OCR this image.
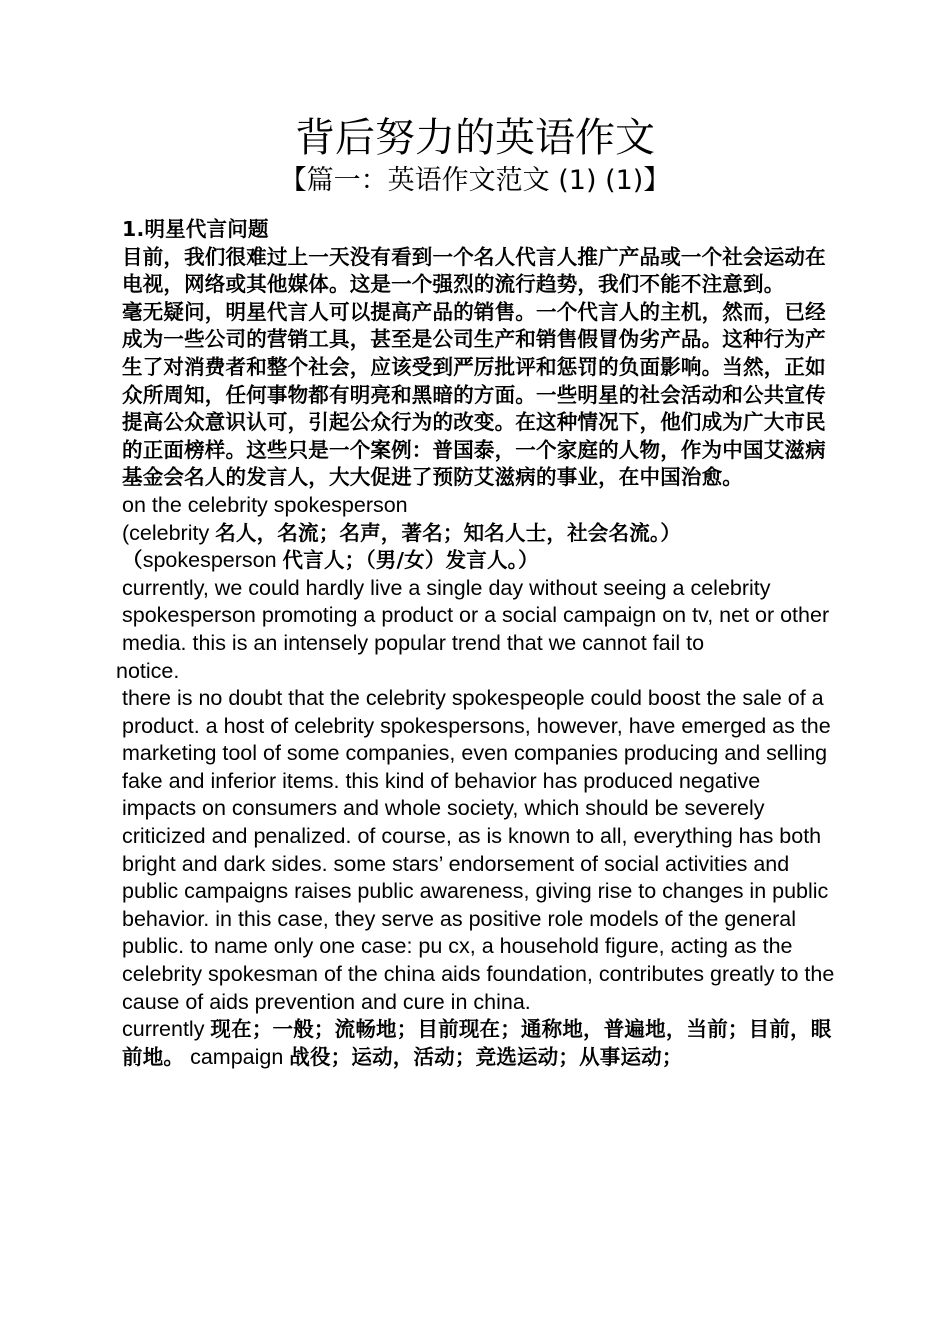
背后努力的英语作文
【篇一：英语作文范文 (1) (1)】

1.明星代言问题

目前，我们很难过上一天没有看到一个名人代言人推广产品或一个社会运动在电视，网络或其他媒体。这是一个强烈的流行趋势，我们不能不注意到。

毫无疑问，明星代言人可以提高产品的销售。一个代言人的主机，然而，已经成为一些公司的营销工具，甚至是公司生产和销售假冒伪劣产品。这种行为产生了对消费者和整个社会，应该受到严厉批评和惩罚的负面影响。当然，正如众所周知，任何事物都有明亮和黑暗的方面。一些明星的社会活动和公共宣传提高公众意识认可，引起公众行为的改变。在这种情况下，他们成为广大市民的正面榜样。这些只是一个案例：普国泰，一个家庭的人物，作为中国艾滋病基金会名人的发言人，大大促进了预防艾滋病的事业，在中国治愈。

on the celebrity spokesperson

(celebrity 名人，名流；名声，著名；知名人士，社会名流。）

（spokesperson 代言人；（男/女）发言人。）

currently, we could hardly live a single day without seeing a celebrity spokesperson promoting a product or a social campaign on tv, net or other media. this is an intensely popular trend that we cannot fail to

notice.

there is no doubt that the celebrity spokespeople could boost the sale of a product. a host of celebrity spokespersons, however, have emerged as the marketing tool of some companies, even companies producing and selling fake and inferior items. this kind of behavior has produced negative impacts on consumers and whole society, which should be severely criticized and penalized. of course, as is known to all, everything has both bright and dark sides. some stars’ endorsement of social activities and public campaigns raises public awareness, giving rise to changes in public behavior. in this case, they serve as positive role models of the general public. to name only one case: pu cx, a household figure, acting as the celebrity spokesman of the china aids foundation, contributes greatly to the cause of aids prevention and cure in china.

currently 现在；一般；流畅地；目前现在；通称地，普遍地，当前；目前，眼前地。 campaign 战役；运动，活动；竞选运动；从事运动；
